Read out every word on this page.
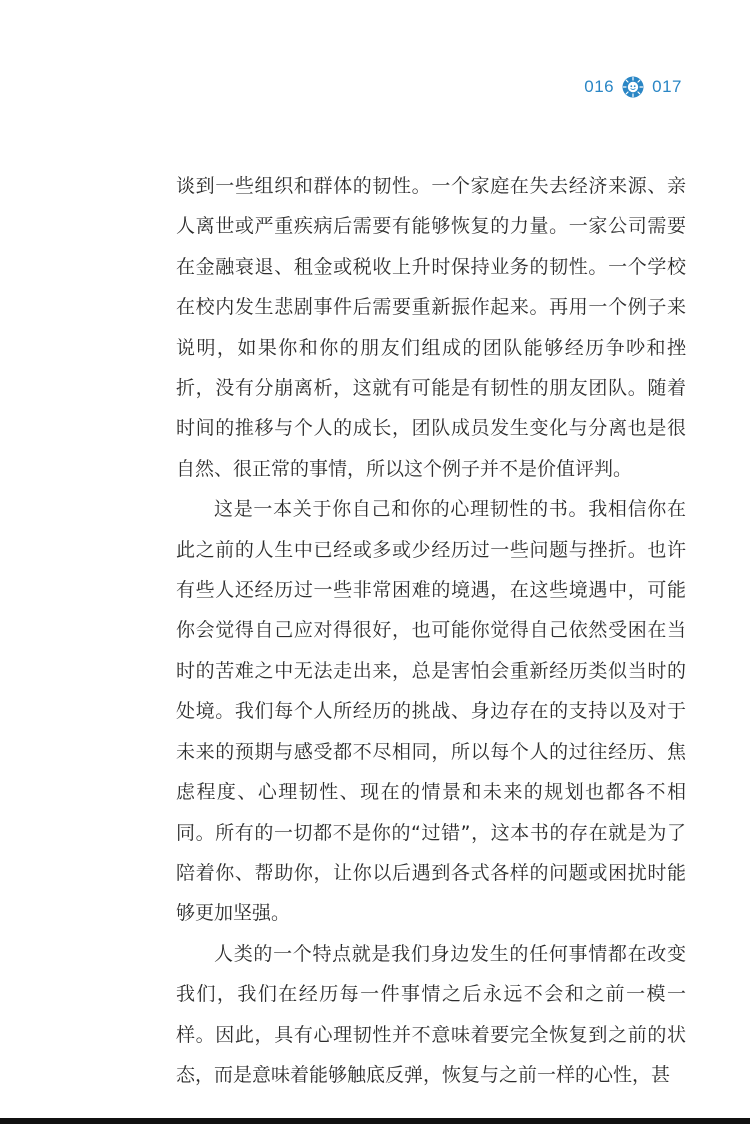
016 017

谈到一些组织和群体的韧性。一个家庭在失去经济来源、亲人离世或严重疾病后需要有能够恢复的力量。一家公司需要在金融衰退、租金或税收上升时保持业务的韧性。一个学校在校内发生悲剧事件后需要重新振作起来。再用一个例子来说明，如果你和你的朋友们组成的团队能够经历争吵和挫折，没有分崩离析，这就有可能是有韧性的朋友团队。随着时间的推移与个人的成长，团队成员发生变化与分离也是很自然、很正常的事情，所以这个例子并不是价值评判。

这是一本关于你自己和你的心理韧性的书。我相信你在此之前的人生中已经或多或少经历过一些问题与挫折。也许有些人还经历过一些非常困难的境遇，在这些境遇中，可能你会觉得自己应对得很好，也可能你觉得自己依然受困在当时的苦难之中无法走出来，总是害怕会重新经历类似当时的处境。我们每个人所经历的挑战、身边存在的支持以及对于未来的预期与感受都不尽相同，所以每个人的过往经历、焦虑程度、心理韧性、现在的情景和未来的规划也都各不相同。所有的一切都不是你的“过错”，这本书的存在就是为了陪着你、帮助你，让你以后遇到各式各样的问题或困扰时能够更加坚强。

人类的一个特点就是我们身边发生的任何事情都在改变我们，我们在经历每一件事情之后永远不会和之前一模一样。因此，具有心理韧性并不意味着要完全恢复到之前的状态，而是意味着能够触底反弹，恢复与之前一样的心性，甚
